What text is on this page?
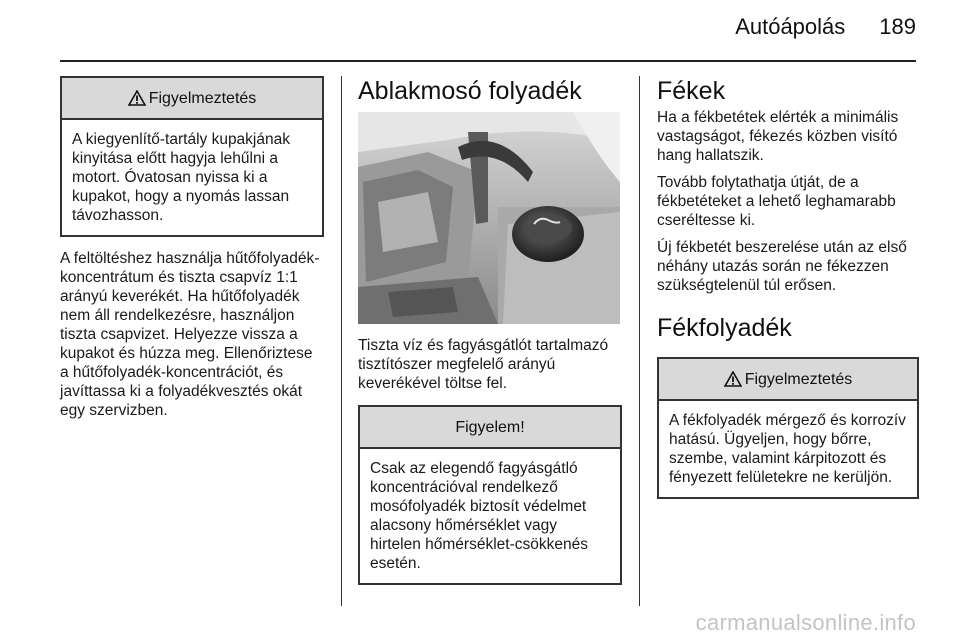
Autóápolás 189
Figyelmeztetés
A kiegyenlítő-tartály kupakjának kinyitása előtt hagyja lehűlni a motort. Óvatosan nyissa ki a kupakot, hogy a nyomás lassan távozhasson.

A feltöltéshez használja hűtőfolyadék-koncentrátum és tiszta csapvíz 1:1 arányú keverékét. Ha hűtőfolyadék nem áll rendelkezésre, használjon tiszta csapvizet. Helyezze vissza a kupakot és húzza meg. Ellenőriztese a hűtőfolyadék-koncentrációt, és javíttassa ki a folyadékvesztés okát egy szervizben.

Ablakmosó folyadék

Tiszta víz és fagyásgátlót tartalmazó tisztítószer megfelelő arányú keverékével töltse fel.

Figyelem!
Csak az elegendő fagyásgátló koncentrációval rendelkező mosófolyadék biztosít védelmet alacsony hőmérséklet vagy hirtelen hőmérséklet-csökkenés esetén.
Fékek

Ha a fékbetétek elérték a minimális vastagságot, fékezés közben visító hang hallatszik.

Tovább folytathatja útját, de a fékbetéteket a lehető leghamarabb cseréltesse ki.

Új fékbetét beszerelése után az első néhány utazás során ne fékezzen szükségtelenül túl erősen.

Fékfolyadék
Figyelmeztetés
A fékfolyadék mérgező és korrozív hatású. Ügyeljen, hogy bőrre, szembe, valamint kárpitozott és fényezett felületekre ne kerüljön.
carmanualsonline.info
